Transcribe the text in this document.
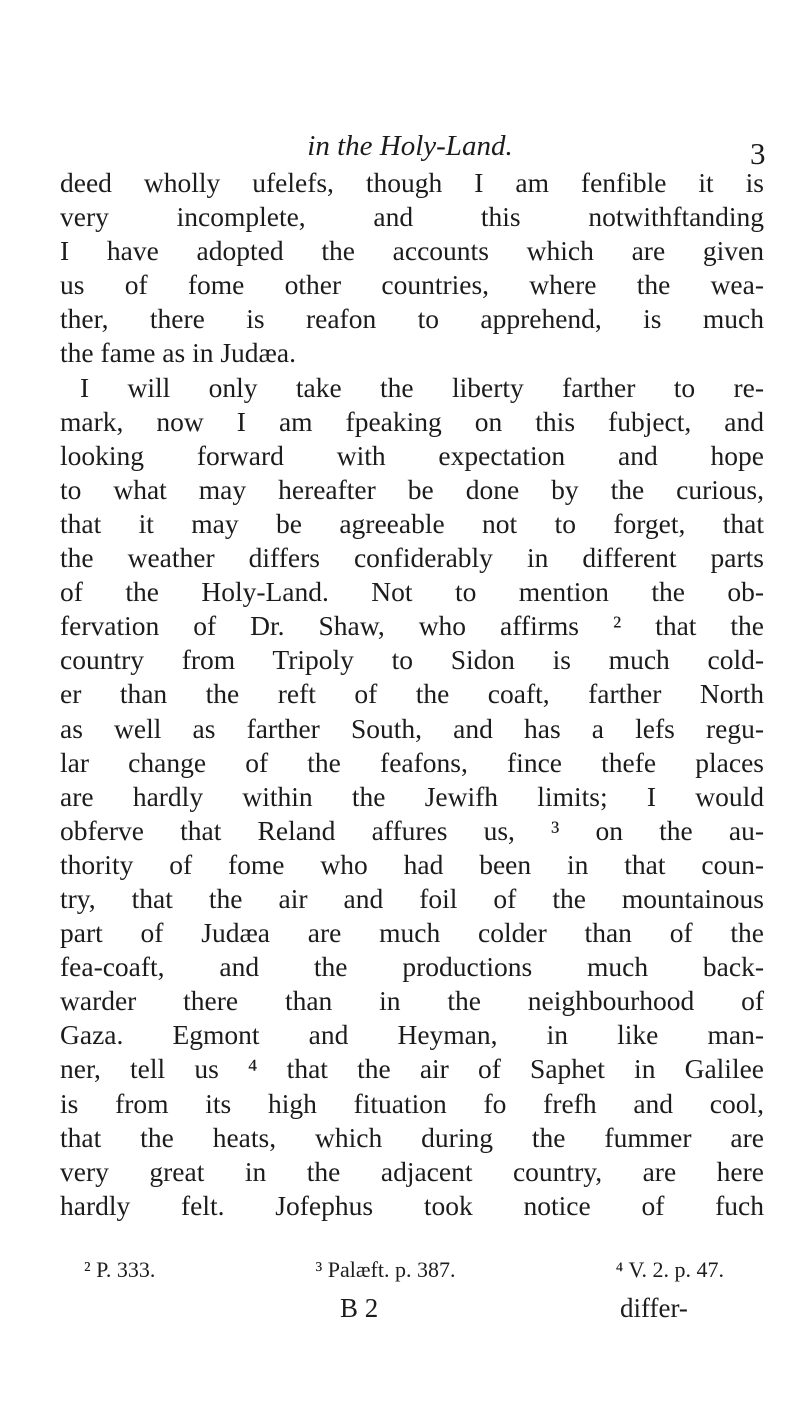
in the Holy-Land.	3
deed wholly ufelefs, though I am fenfible it is
very incomplete, and this notwithftanding
I have adopted the accounts which are given
us of fome other countries, where the wea-
ther, there is reafon to apprehend, is much
the fame as in Judæa.
I will only take the liberty farther to re-
mark, now I am fpeaking on this fubject, and
looking forward with expectation and hope
to what may hereafter be done by the curious,
that it may be agreeable not to forget, that
the weather differs confiderably in different parts
of the Holy-Land. Not to mention the ob-
fervation of Dr. Shaw, who affirms ² that the
country from Tripoly to Sidon is much cold-
er than the reft of the coaft, farther North
as well as farther South, and has a lefs regu-
lar change of the feafons, fince thefe places
are hardly within the Jewifh limits; I would
obferve that Reland affures us, ³ on the au-
thority of fome who had been in that coun-
try, that the air and foil of the mountainous
part of Judæa are much colder than of the
fea-coaft, and the productions much back-
warder there than in the neighbourhood of
Gaza. Egmont and Heyman, in like man-
ner, tell us ⁴ that the air of Saphet in Galilee
is from its high fituation fo frefh and cool,
that the heats, which during the fummer are
very great in the adjacent country, are here
hardly felt. Jofephus took notice of fuch
² P. 333.	³ Palæft. p. 387.	⁴ V. 2. p. 47.
B 2	differ-
